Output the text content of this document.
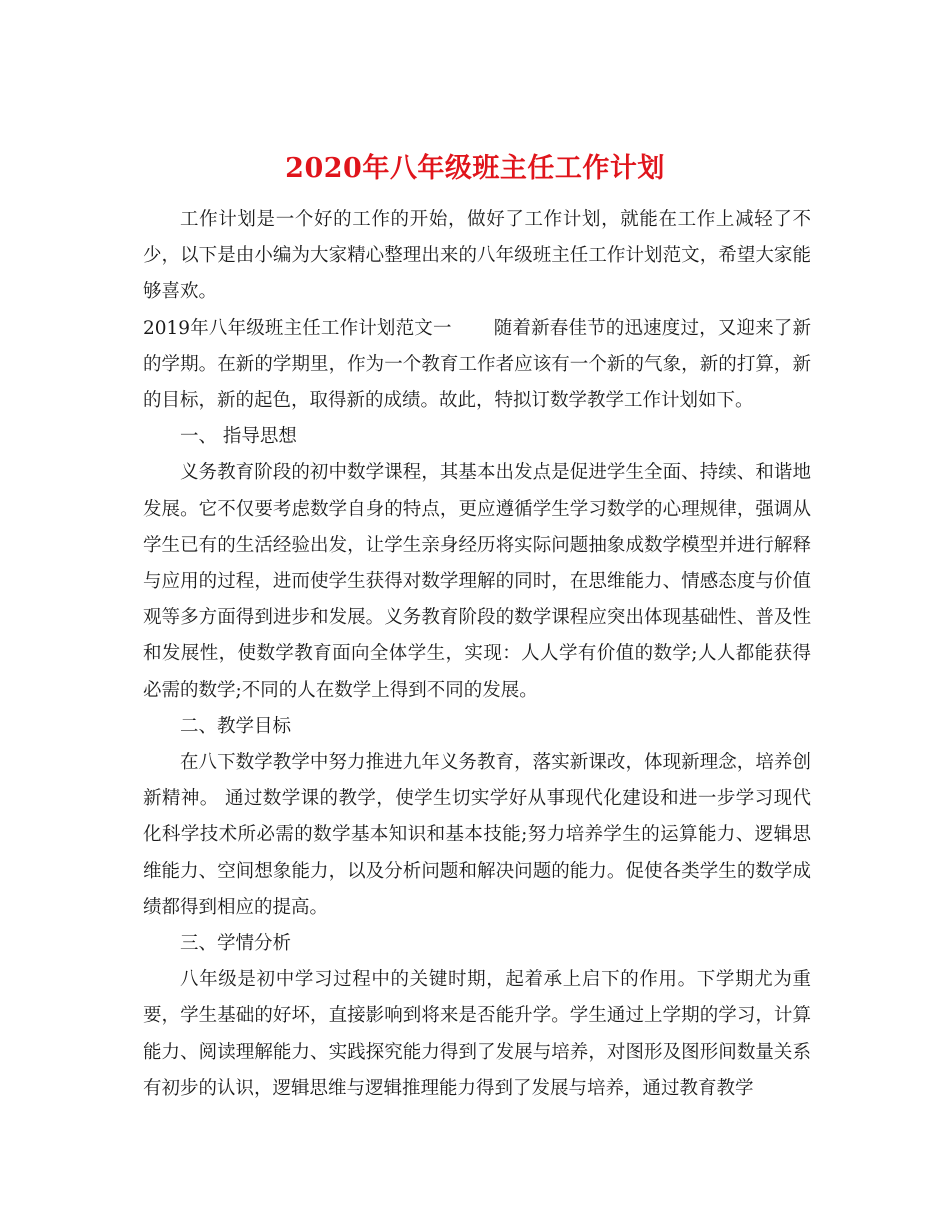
2020年八年级班主任工作计划

工作计划是一个好的工作的开始，做好了工作计划，就能在工作上减轻了不少，以下是由小编为大家精心整理出来的八年级班主任工作计划范文，希望大家能够喜欢。

2019年八年级班主任工作计划范文一 随着新春佳节的迅速度过，又迎来了新的学期。在新的学期里，作为一个教育工作者应该有一个新的气象，新的打算，新的目标，新的起色，取得新的成绩。故此，特拟订数学教学工作计划如下。

一、 指导思想

义务教育阶段的初中数学课程，其基本出发点是促进学生全面、持续、和谐地发展。它不仅要考虑数学自身的特点，更应遵循学生学习数学的心理规律，强调从学生已有的生活经验出发，让学生亲身经历将实际问题抽象成数学模型并进行解释与应用的过程，进而使学生获得对数学理解的同时，在思维能力、情感态度与价值观等多方面得到进步和发展。义务教育阶段的数学课程应突出体现基础性、普及性和发展性，使数学教育面向全体学生，实现：人人学有价值的数学;人人都能获得必需的数学;不同的人在数学上得到不同的发展。

二、教学目标

在八下数学教学中努力推进九年义务教育，落实新课改，体现新理念，培养创新精神。 通过数学课的教学，使学生切实学好从事现代化建设和进一步学习现代化科学技术所必需的数学基本知识和基本技能;努力培养学生的运算能力、逻辑思维能力、空间想象能力，以及分析问题和解决问题的能力。促使各类学生的数学成绩都得到相应的提高。

三、学情分析

八年级是初中学习过程中的关键时期，起着承上启下的作用。下学期尤为重要，学生基础的好坏，直接影响到将来是否能升学。学生通过上学期的学习，计算能力、阅读理解能力、实践探究能力得到了发展与培养，对图形及图形间数量关系有初步的认识，逻辑思维与逻辑推理能力得到了发展与培养，通过教育教学
